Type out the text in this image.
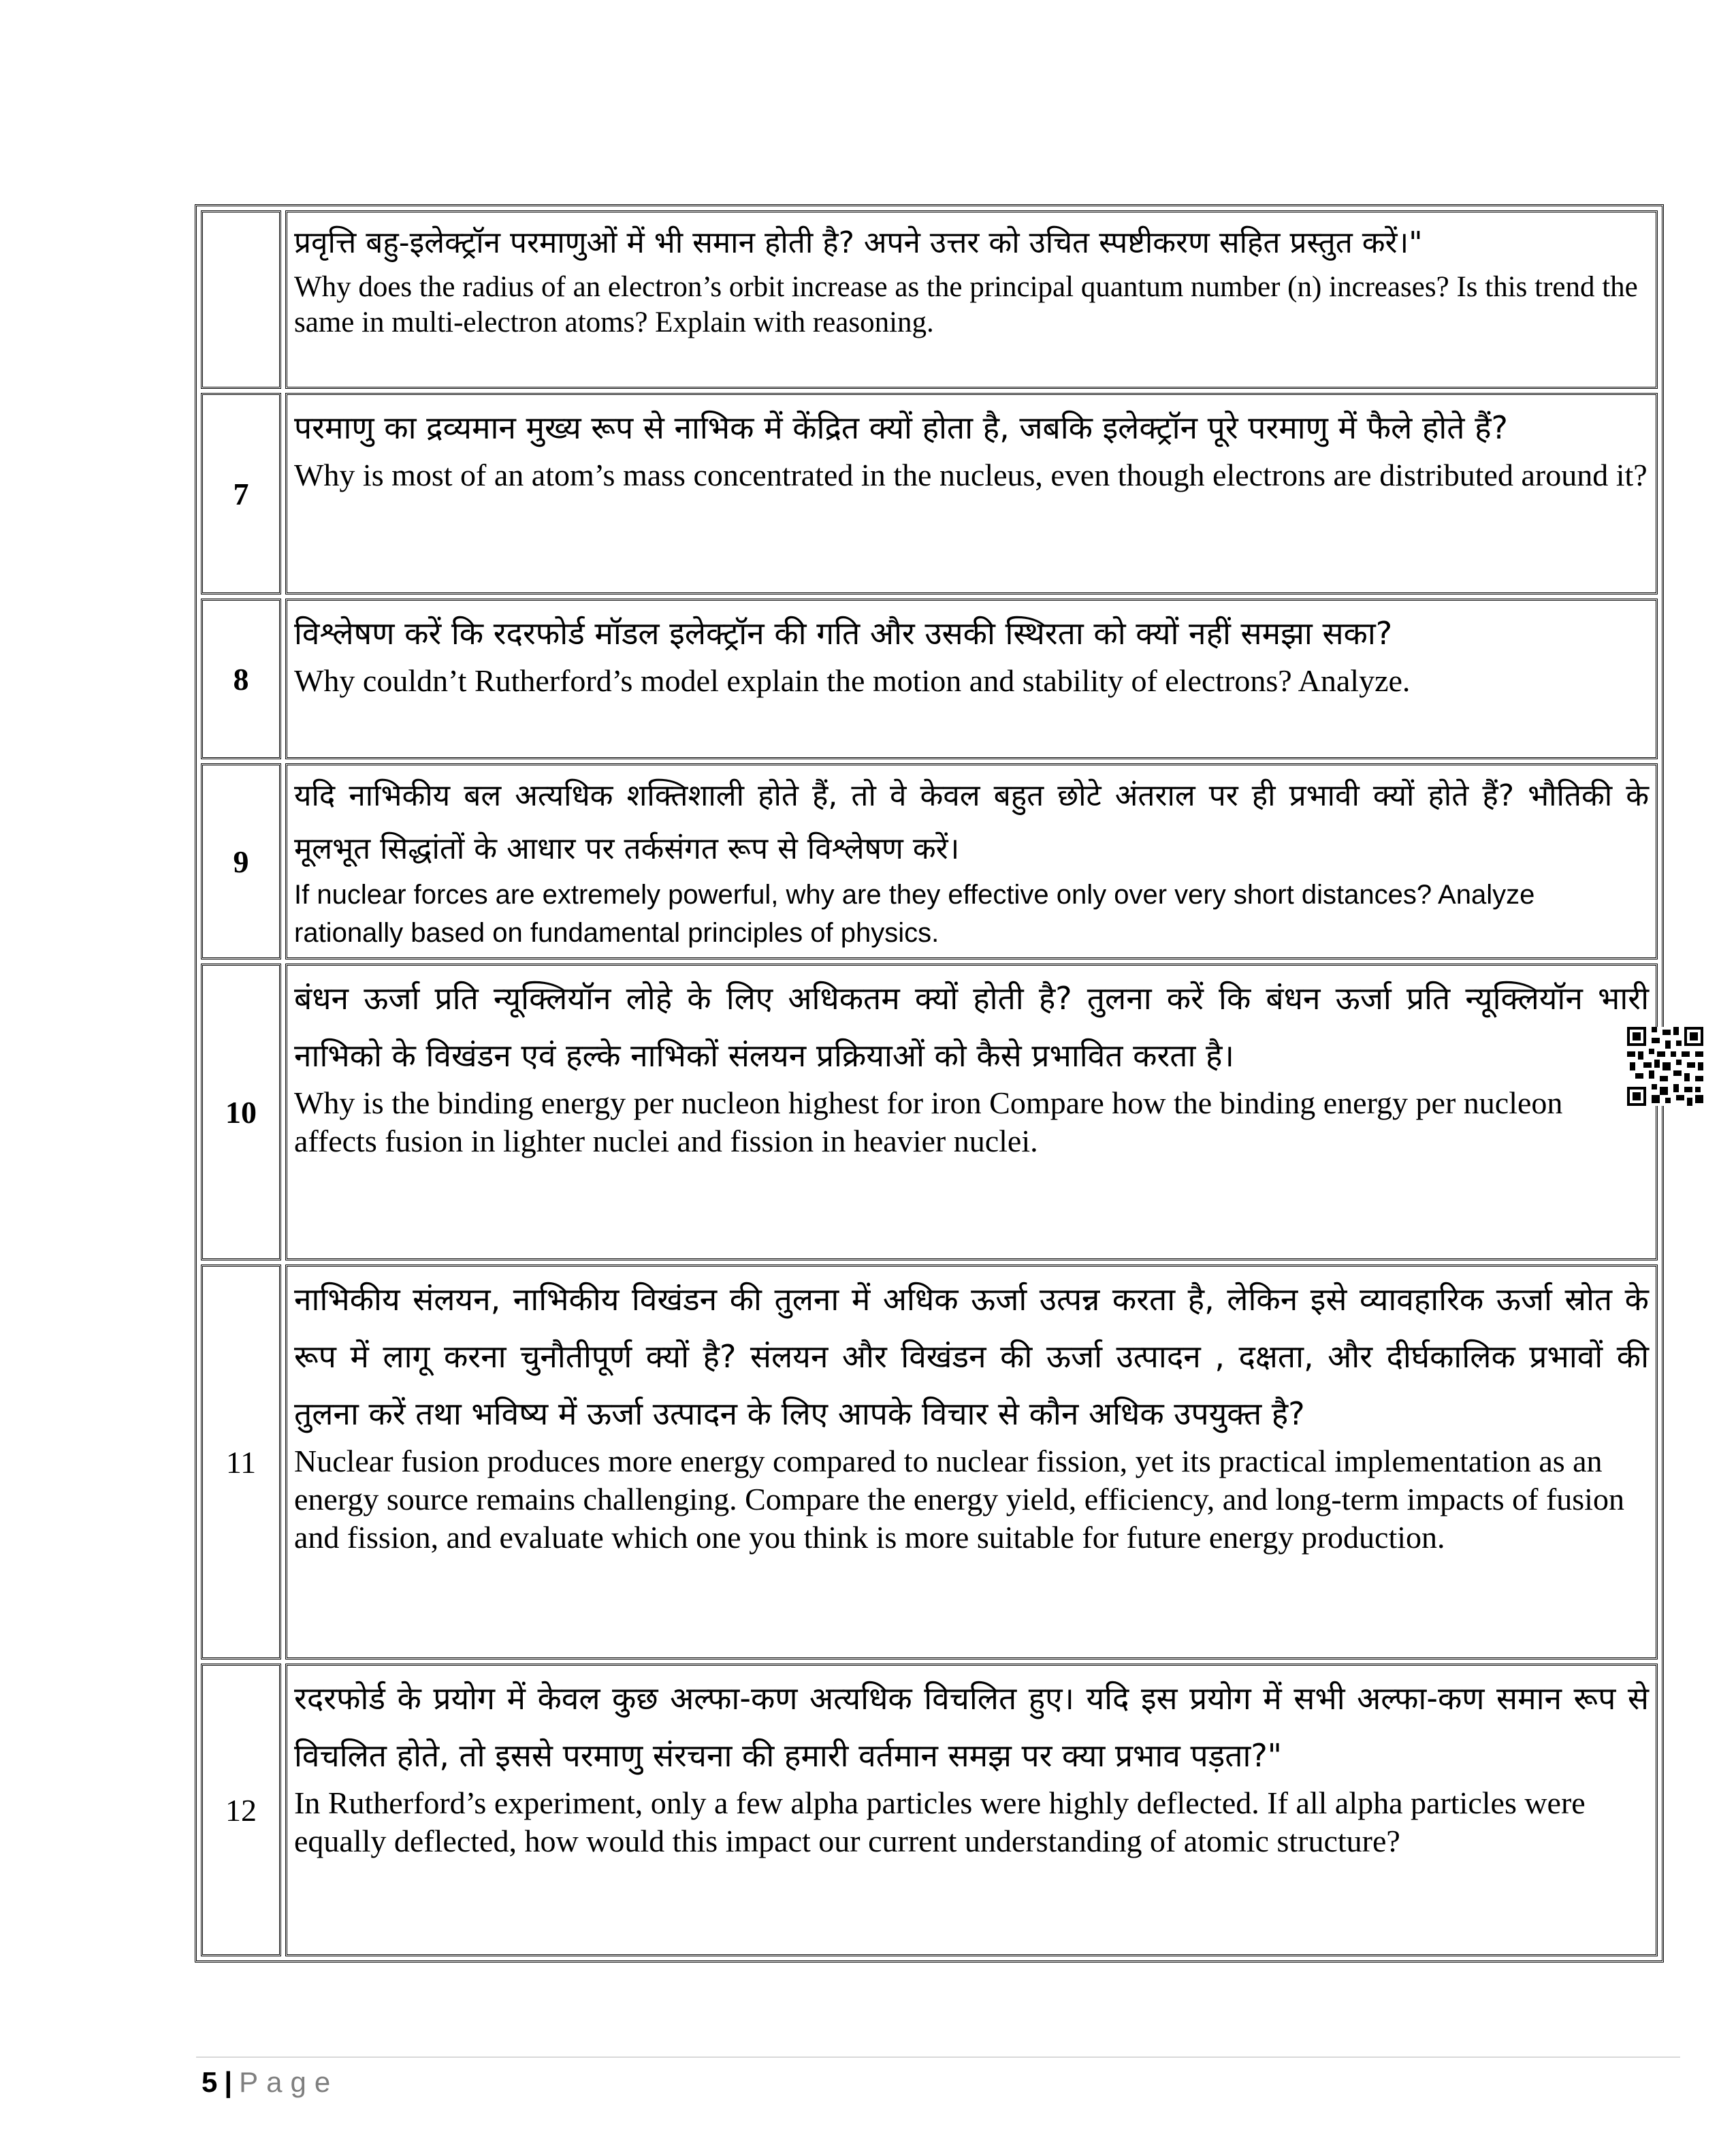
	प्रवृत्ति बहु-इलेक्ट्रॉन परमाणुओं में भी समान होती है? अपने उत्तर को उचित स्पष्टीकरण सहित प्रस्तुत करें।"

Why does the radius of an electron’s orbit increase as the principal quantum number (n) increases? Is this trend the same in multi-electron atoms? Explain with reasoning.

7	परमाणु का द्रव्यमान मुख्य रूप से नाभिक में केंद्रित क्यों होता है, जबकि इलेक्ट्रॉन पूरे परमाणु में फैले होते हैं?

Why is most of an atom’s mass concentrated in the nucleus, even though electrons are distributed around it?

8	विश्लेषण करें कि रदरफोर्ड मॉडल इलेक्ट्रॉन की गति और उसकी स्थिरता को क्यों नहीं समझा सका?

Why couldn’t Rutherford’s model explain the motion and stability of electrons? Analyze.

9	यदि नाभिकीय बल अत्यधिक शक्तिशाली होते हैं, तो वे केवल बहुत छोटे अंतराल पर ही प्रभावी क्यों होते हैं? भौतिकी के मूलभूत सिद्धांतों के आधार पर तर्कसंगत रूप से विश्लेषण करें।

If nuclear forces are extremely powerful, why are they effective only over very short distances? Analyze rationally based on fundamental principles of physics.

10	बंधन ऊर्जा प्रति न्यूक्लियॉन लोहे के लिए अधिकतम क्यों होती है? तुलना करें कि बंधन ऊर्जा प्रति न्यूक्लियॉन भारी नाभिको के विखंडन एवं हल्के नाभिकों संलयन प्रक्रियाओं को कैसे प्रभावित करता है।

Why is the binding energy per nucleon highest for iron Compare how the binding energy per nucleon affects fusion in lighter nuclei and fission in heavier nuclei.

11	नाभिकीय संलयन, नाभिकीय विखंडन की तुलना में अधिक ऊर्जा उत्पन्न करता है, लेकिन इसे व्यावहारिक ऊर्जा स्रोत के रूप में लागू करना चुनौतीपूर्ण क्यों है? संलयन और विखंडन की ऊर्जा उत्पादन , दक्षता, और दीर्घकालिक प्रभावों की तुलना करें तथा भविष्य में ऊर्जा उत्पादन के लिए आपके विचार से कौन अधिक उपयुक्त है?

Nuclear fusion produces more energy compared to nuclear fission, yet its practical implementation as an energy source remains challenging. Compare the energy yield, efficiency, and long-term impacts of fusion and fission, and evaluate which one you think is more suitable for future energy production.

12	रदरफोर्ड के प्रयोग में केवल कुछ अल्फा-कण अत्यधिक विचलित हुए। यदि इस प्रयोग में सभी अल्फा-कण समान रूप से विचलित होते, तो इससे परमाणु संरचना की हमारी वर्तमान समझ पर क्या प्रभाव पड़ता?"

In Rutherford’s experiment, only a few alpha particles were highly deflected. If all alpha particles were equally deflected, how would this impact our current understanding of atomic structure?

5 | Page
